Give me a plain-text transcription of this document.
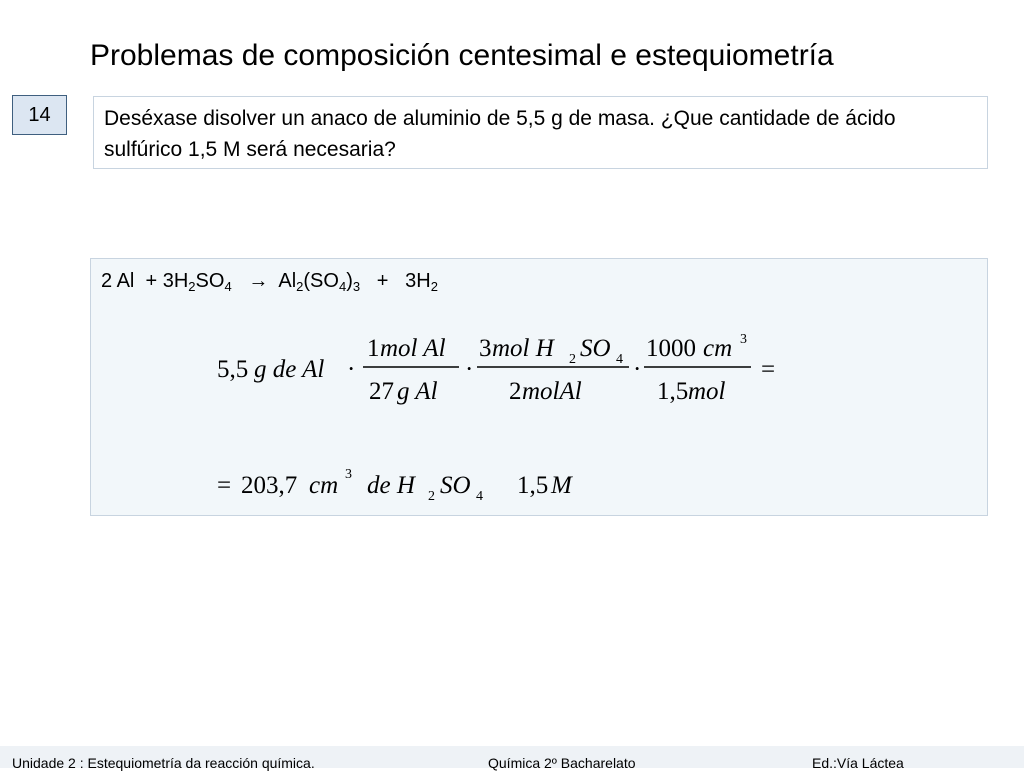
Problemas de composición centesimal e estequiometría
14	Deséxase disolver un anaco de aluminio de 5,5 g de masa. ¿Que cantidade de ácido sulfúrico 1,5 M será necesaria?
2 $Al + 3H_2SO_4 \to Al_2(SO_4)_3 + 3H_2$
5,5 g de Al ·
1 mol Al
27 g Al
·
3 mol H 2 SO 4
2 molAl
·
1000 cm 3
1,5 mol
=
= 203,7 cm 3 de H 2 SO 4 1,5 M
Unidade 2 : Estequiometría da reacción química.	Química 2º Bacharelato	Ed.:Vía Láctea
